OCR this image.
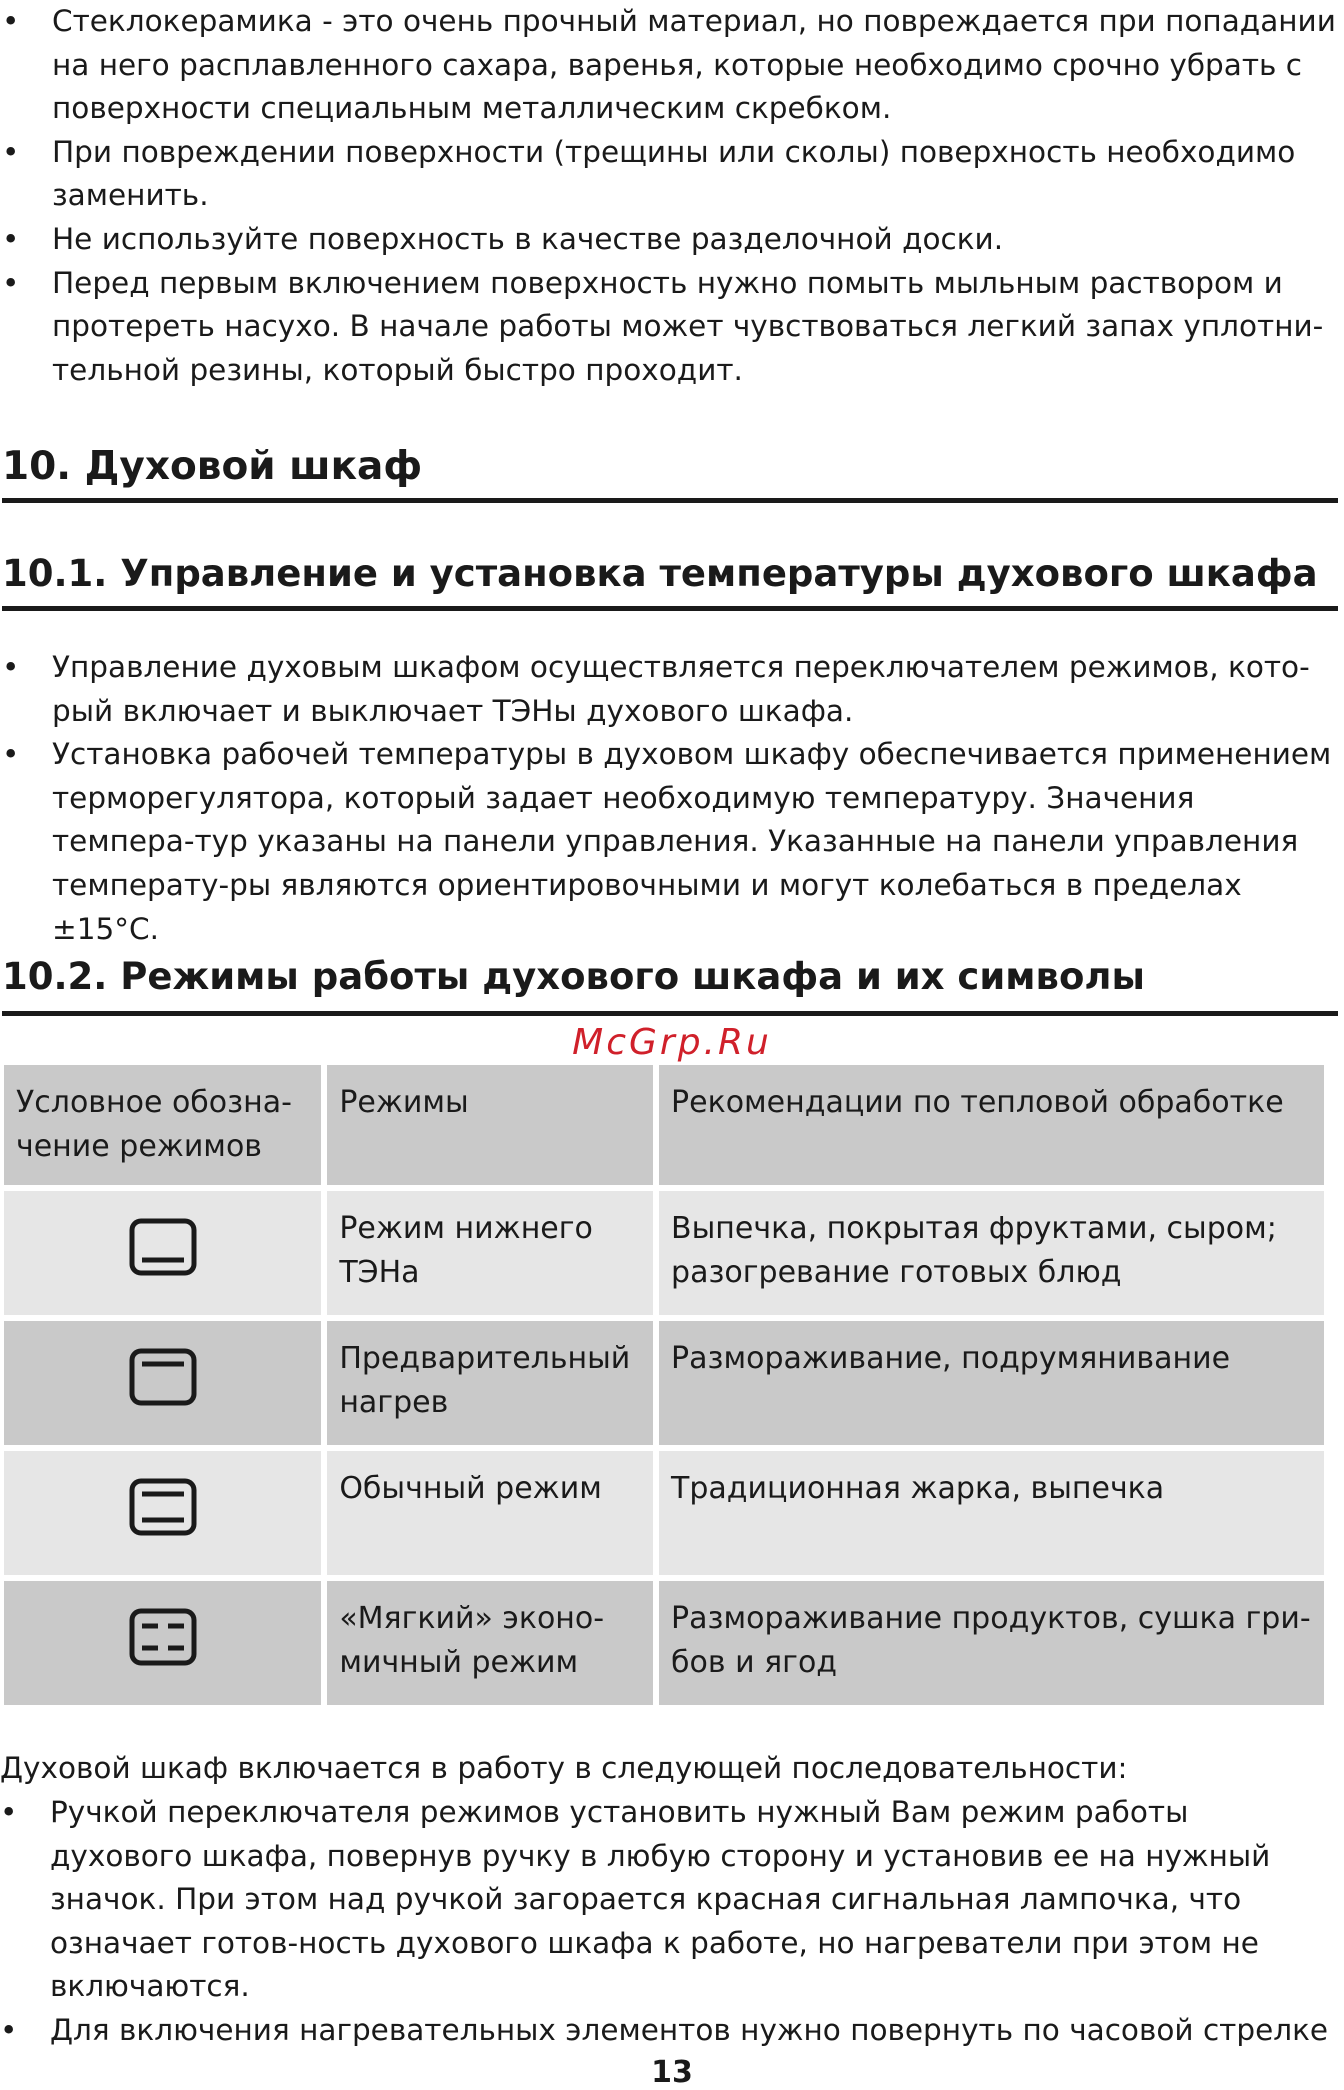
• Стеклокерамика - это очень прочный материал, но повреждается при попадании на него расплавленного сахара, варенья, которые необходимо срочно убрать с поверхности специальным металлическим скребком.
• При повреждении поверхности (трещины или сколы) поверхность необходимо заменить.
• Не используйте поверхность в качестве разделочной доски.
• Перед первым включением поверхность нужно помыть мыльным раствором и протереть насухо. В начале работы может чувствоваться легкий запах уплотни-тельной резины, который быстро проходит.
10. Духовой шкаф
10.1. Управление и установка температуры духового шкафа
• Управление духовым шкафом осуществляется переключателем режимов, кото-рый включает и выключает ТЭНы духового шкафа.
• Установка рабочей температуры в духовом шкафу обеспечивается применением терморегулятора, который задает необходимую температуру. Значения темпера-тур указаны на панели управления. Указанные на панели управления температу-ры являются ориентировочными и могут колебаться в пределах ±15°С.
10.2. Режимы работы духового шкафа и их символы
McGrp.Ru
Условное обозна-чение режимов	Режимы	Рекомендации по тепловой обработке
	Режим нижнего ТЭНа	Выпечка, покрытая фруктами, сыром; разогревание готовых блюд
	Предварительный нагрев	Размораживание, подрумянивание
	Обычный режим	Традиционная жарка, выпечка
	«Мягкий» эконо-мичный режим	Размораживание продуктов, сушка гри-бов и ягод
Духовой шкаф включается в работу в следующей последовательности:
• Ручкой переключателя режимов установить нужный Вам режим работы духового шкафа, повернув ручку в любую сторону и установив ее на нужный значок. При этом над ручкой загорается красная сигнальная лампочка, что означает готов-ность духового шкафа к работе, но нагреватели при этом не включаются.
• Для включения нагревательных элементов нужно повернуть по часовой стрелке
13
